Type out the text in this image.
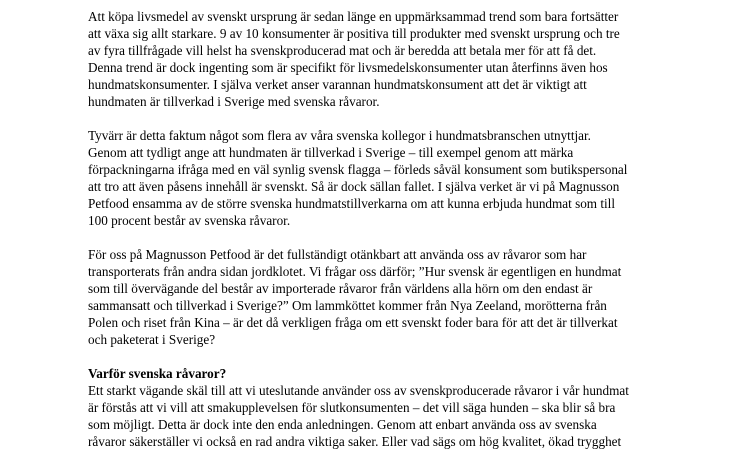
Att köpa livsmedel av svenskt ursprung är sedan länge en uppmärksammad trend som bara fortsätter
att växa sig allt starkare. 9 av 10 konsumenter är positiva till produkter med svenskt ursprung och tre
av fyra tillfrågade vill helst ha svenskproducerad mat och är beredda att betala mer för att få det.
Denna trend är dock ingenting som är specifikt för livsmedelskonsumenter utan återfinns även hos
hundmatskonsumenter. I själva verket anser varannan hundmatskonsument att det är viktigt att
hundmaten är tillverkad i Sverige med svenska råvaror.

Tyvärr är detta faktum något som flera av våra svenska kollegor i hundmatsbranschen utnyttjar.
Genom att tydligt ange att hundmaten är tillverkad i Sverige – till exempel genom att märka
förpackningarna ifråga med en väl synlig svensk flagga – förleds såväl konsument som butikspersonal
att tro att även påsens innehåll är svenskt. Så är dock sällan fallet. I själva verket är vi på Magnusson
Petfood ensamma av de större svenska hundmatstillverkarna om att kunna erbjuda hundmat som till
100 procent består av svenska råvaror.

För oss på Magnusson Petfood är det fullständigt otänkbart att använda oss av råvaror som har
transporterats från andra sidan jordklotet. Vi frågar oss därför; ”Hur svensk är egentligen en hundmat
som till övervägande del består av importerade råvaror från världens alla hörn om den endast är
sammansatt och tillverkad i Sverige?” Om lammköttet kommer från Nya Zeeland, morötterna från
Polen och riset från Kina – är det då verkligen fråga om ett svenskt foder bara för att det är tillverkat
och paketerat i Sverige?

Varför svenska råvaror?
Ett starkt vägande skäl till att vi uteslutande använder oss av svenskproducerade råvaror i vår hundmat
är förstås att vi vill att smakupplevelsen för slutkonsumenten – det vill säga hunden – ska blir så bra
som möjligt. Detta är dock inte den enda anledningen. Genom att enbart använda oss av svenska
råvaror säkerställer vi också en rad andra viktiga saker. Eller vad sägs om hög kvalitet, ökad trygghet
